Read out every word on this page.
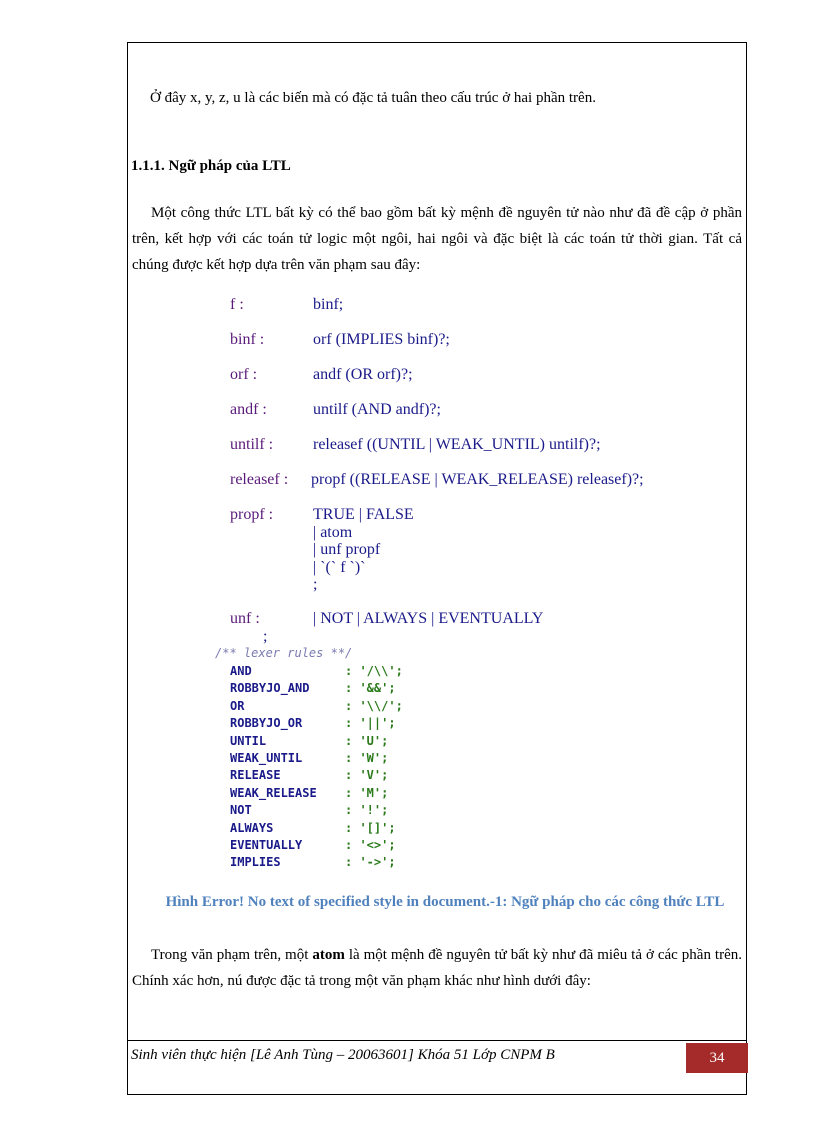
Ở đây x, y, z, u là các biến mà có đặc tả tuân theo cấu trúc ở hai phần trên.
1.1.1. Ngữ pháp của LTL
Một công thức LTL bất kỳ có thể bao gồm bất kỳ mệnh đề nguyên tử nào như đã đề cập ở phần trên, kết hợp với các toán tử logic một ngôi, hai ngôi và đặc biệt là các toán tử thời gian. Tất cả chúng được kết hợp dựa trên văn phạm sau đây:
f :	binf;
binf :	orf (IMPLIES binf)?;
orf :	andf (OR orf)?;
andf :	untilf (AND andf)?;
untilf : releasef ((UNTIL | WEAK_UNTIL) untilf)?;
releasef : propf ((RELEASE | WEAK_RELEASE) releasef)?;
propf : TRUE | FALSE
| atom
| unf propf
| `(` f `)`
;
unf :	| NOT | ALWAYS | EVENTUALLY
;
/** lexer rules **/
AND	: '/\\';
ROBBYJO_AND	: '&&';
OR	: '\\/';
ROBBYJO_OR	: '||';
UNTIL	: 'U';
WEAK_UNTIL	: 'W';
RELEASE	: 'V';
WEAK_RELEASE : 'M';
NOT	: '!';
ALWAYS	: '[]';
EVENTUALLY	: '<>';
IMPLIES	: '->';
Hình Error! No text of specified style in document.-1: Ngữ pháp cho các công thức LTL
Trong văn phạm trên, một atom là một mệnh đề nguyên tử bất kỳ như đã miêu tả ở các phần trên. Chính xác hơn, nú được đặc tả trong một văn phạm khác như hình dưới đây:
Sinh viên thực hiện [Lê Anh Tùng – 20063601] Khóa 51 Lớp CNPM B	34
